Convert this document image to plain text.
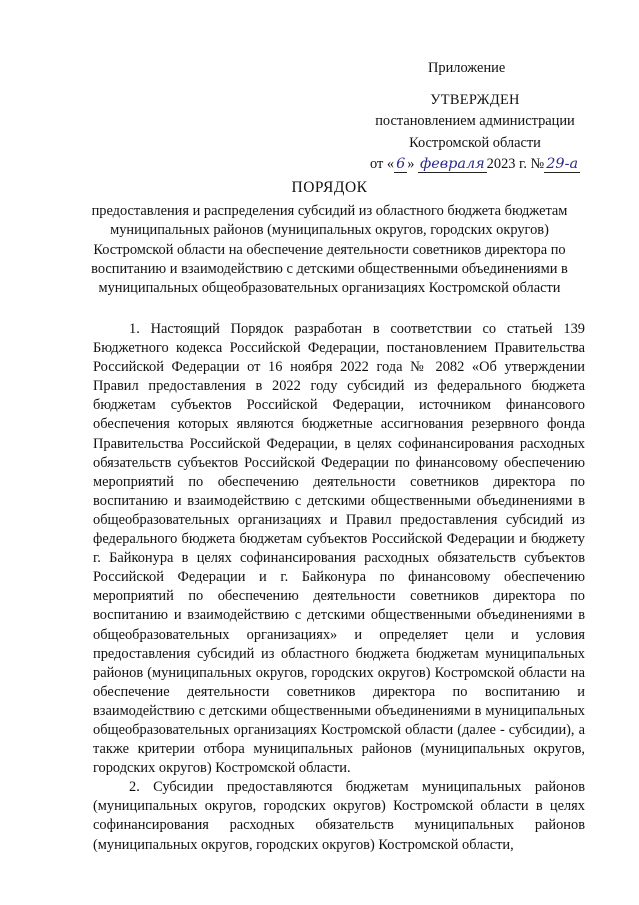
Приложение
УТВЕРЖДЕН
постановлением администрации
Костромской области
от « 6 » февраля 2023 г. № 29-а
ПОРЯДОК
предоставления и распределения субсидий из областного бюджета бюджетам муниципальных районов (муниципальных округов, городских округов) Костромской области на обеспечение деятельности советников директора по воспитанию и взаимодействию с детскими общественными объединениями в муниципальных общеобразовательных организациях Костромской области

1. Настоящий Порядок разработан в соответствии со статьей 139 Бюджетного кодекса Российской Федерации, постановлением Правительства Российской Федерации от 16 ноября 2022 года № 2082 «Об утверждении Правил предоставления в 2022 году субсидий из федерального бюджета бюджетам субъектов Российской Федерации, источником финансового обеспечения которых являются бюджетные ассигнования резервного фонда Правительства Российской Федерации, в целях софинансирования расходных обязательств субъектов Российской Федерации по финансовому обеспечению мероприятий по обеспечению деятельности советников директора по воспитанию и взаимодействию с детскими общественными объединениями в общеобразовательных организациях и Правил предоставления субсидий из федерального бюджета бюджетам субъектов Российской Федерации и бюджету г. Байконура в целях софинансирования расходных обязательств субъектов Российской Федерации и г. Байконура по финансовому обеспечению мероприятий по обеспечению деятельности советников директора по воспитанию и взаимодействию с детскими общественными объединениями в общеобразовательных организациях» и определяет цели и условия предоставления субсидий из областного бюджета бюджетам муниципальных районов (муниципальных округов, городских округов) Костромской области на обеспечение деятельности советников директора по воспитанию и взаимодействию с детскими общественными объединениями в муниципальных общеобразовательных организациях Костромской области (далее - субсидии), а также критерии отбора муниципальных районов (муниципальных округов, городских округов) Костромской области.

2. Субсидии предоставляются бюджетам муниципальных районов (муниципальных округов, городских округов) Костромской области в целях софинансирования расходных обязательств муниципальных районов (муниципальных округов, городских округов) Костромской области,
